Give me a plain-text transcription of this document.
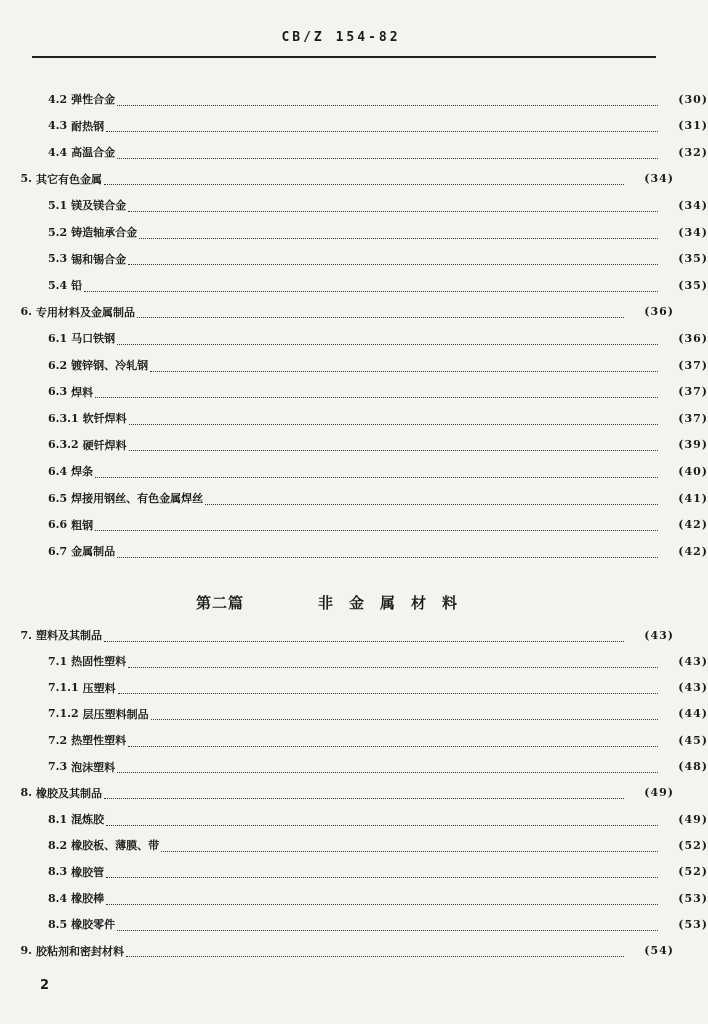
CB/Z 154-82
4.2 弹性合金	(30)
4.3 耐热钢	(31)
4.4 高温合金	(32)
5. 其它有色金属	(34)
5.1 镁及镁合金	(34)
5.2 铸造轴承合金	(34)
5.3 锡和锡合金	(35)
5.4 铅	(35)
6. 专用材料及金属制品	(36)
6.1 马口铁钢	(36)
6.2 镀锌钢、冷轧钢	(37)
6.3 焊料	(37)
6.3.1 软钎焊料	(37)
6.3.2 硬钎焊料	(39)
6.4 焊条	(40)
6.5 焊接用钢丝、有色金属焊丝	(41)
6.6 粗钢	(42)
6.7 金属制品	(42)
7. 塑料及其制品	(43)
7.1 热固性塑料	(43)
7.1.1 压塑料	(43)
7.1.2 层压塑料制品	(44)
7.2 热塑性塑料	(45)
7.3 泡沫塑料	(48)
8. 橡胶及其制品	(49)
8.1 混炼胶	(49)
8.2 橡胶板、薄膜、带	(52)
8.3 橡胶管	(52)
8.4 橡胶棒	(53)
8.5 橡胶零件	(53)
9. 胶粘剂和密封材料	(54)
第二篇	非金属材料
2
